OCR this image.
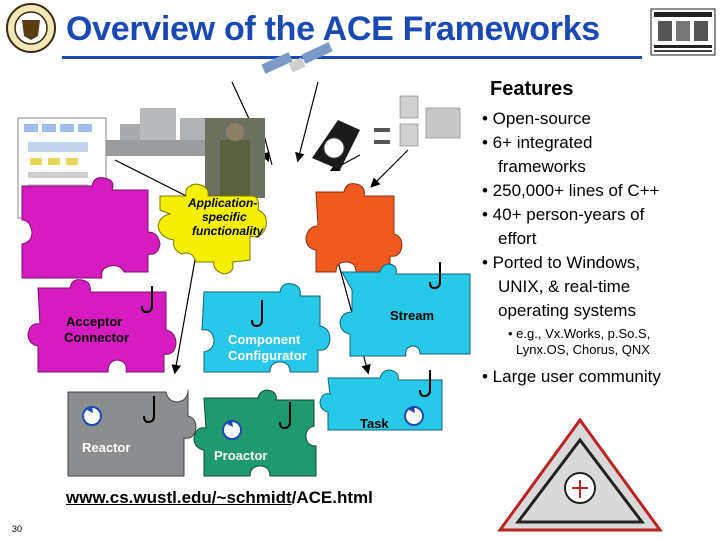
Overview of the ACE Frameworks
Features
• Open-source
• 6+ integrated
frameworks
• 250,000+ lines of C++
• 40+ person-years of
effort
• Ported to Windows,
UNIX, & real-time
operating systems
• e.g., Vx.Works, p.So.S,
Lynx.OS, Chorus, QNX
• Large user community
Application-
specific
functionality
Acceptor
Connector	Component
Configurator
Stream
Task
Reactor
Proactor
www.cs.wustl.edu/~schmidt/ACE.html
30
